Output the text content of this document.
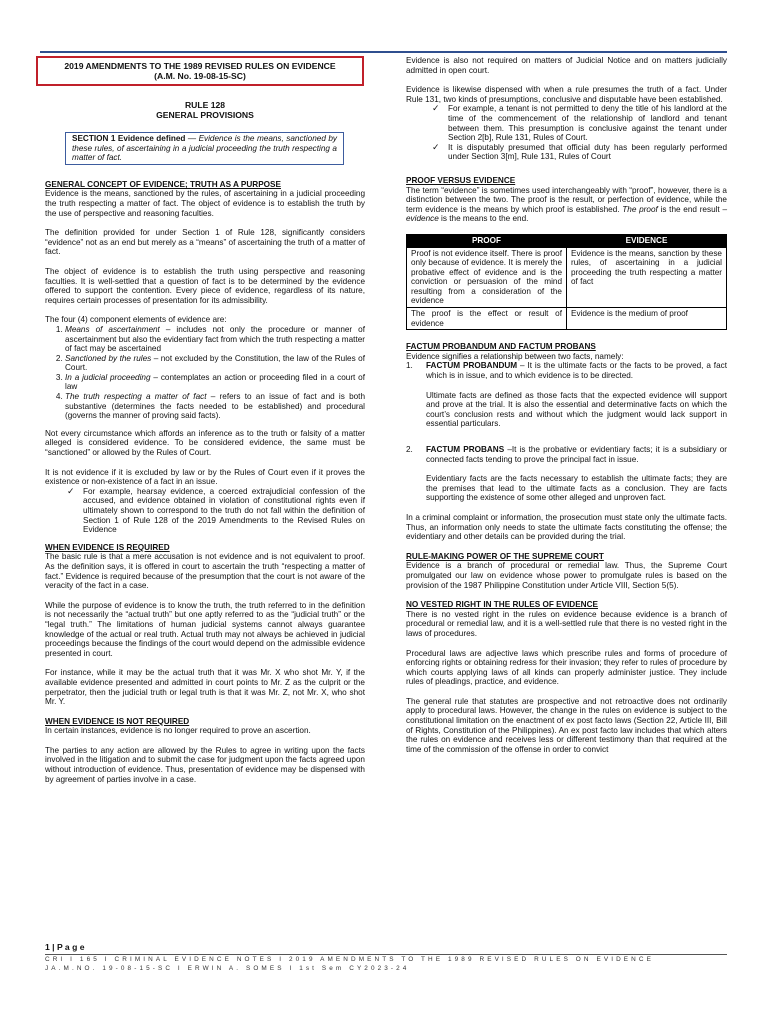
2019 AMENDMENTS TO THE 1989 REVISED RULES ON EVIDENCE
(A.M. No. 19-08-15-SC)
RULE 128
GENERAL PROVISIONS
SECTION 1 Evidence defined — Evidence is the means, sanctioned by these rules, of ascertaining in a judicial proceeding the truth respecting a matter of fact.

GENERAL CONCEPT OF EVIDENCE; TRUTH AS A PURPOSE

Evidence is the means, sanctioned by the rules, of ascertaining in a judicial proceeding the truth respecting a matter of fact. The object of evidence is to establish the truth by the use of perspective and reasoning faculties.

The definition provided for under Section 1 of Rule 128, significantly considers “evidence” not as an end but merely as a “means” of ascertaining the truth of a matter of fact.

The object of evidence is to establish the truth using perspective and reasoning faculties. It is well-settled that a question of fact is to be determined by the evidence offered to support the contention. Every piece of evidence, regardless of its nature, requires certain processes of presentation for its admissibility.

The four (4) component elements of evidence are:

1. Means of ascertainment – includes not only the procedure or manner of ascertainment but also the evidentiary fact from which the truth respecting a matter of fact may be ascertained
2. Sanctioned by the rules – not excluded by the Constitution, the law of the Rules of Court.
3. In a judicial proceeding – contemplates an action or proceeding filed in a court of law
4. The truth respecting a matter of fact – refers to an issue of fact and is both substantive (determines the facts needed to be established) and procedural (governs the manner of proving said facts).

Not every circumstance which affords an inference as to the truth or falsity of a matter alleged is considered evidence. To be considered evidence, the same must be “sanctioned” or allowed by the Rules of Court.

It is not evidence if it is excluded by law or by the Rules of Court even if it proves the existence or non-existence of a fact in an issue.

✓ For example, hearsay evidence, a coerced extrajudicial confession of the accused, and evidence obtained in violation of constitutional rights even if ultimately shown to correspond to the truth do not fall within the definition of Section 1 of Rule 128 of the 2019 Amendments to the Revised Rules on Evidence

WHEN EVIDENCE IS REQUIRED

The basic rule is that a mere accusation is not evidence and is not equivalent to proof. As the definition says, it is offered in court to ascertain the truth “respecting a matter of fact.” Evidence is required because of the presumption that the court is not aware of the veracity of the fact in a case.

While the purpose of evidence is to know the truth, the truth referred to in the definition is not necessarily the “actual truth” but one aptly referred to as the “judicial truth” or the “legal truth.” The limitations of human judicial systems cannot always guarantee knowledge of the actual or real truth. Actual truth may not always be achieved in judicial proceedings because the findings of the court would depend on the admissible evidence presented in court.

For instance, while it may be the actual truth that it was Mr. X who shot Mr. Y, if the available evidence presented and admitted in court points to Mr. Z as the culprit or the perpetrator, then the judicial truth or legal truth is that it was Mr. Z, not Mr. X, who shot Mr. Y.

WHEN EVIDENCE IS NOT REQUIRED

In certain instances, evidence is no longer required to prove an ascertion.

The parties to any action are allowed by the Rules to agree in writing upon the facts involved in the litigation and to submit the case for judgment upon the facts agreed upon without introduction of evidence. Thus, presentation of evidence may be dispensed with by agreement of parties involve in a case.

Evidence is also not required on matters of Judicial Notice and on matters judicially admitted in open court.

Evidence is likewise dispensed with when a rule presumes the truth of a fact. Under Rule 131, two kinds of presumptions, conclusive and disputable have been established.

✓ For example, a tenant is not permitted to deny the title of his landlord at the time of the commencement of the relationship of landlord and tenant between them. This presumption is conclusive against the tenant under Section 2[b], Rule 131, Rules of Court.
✓ It is disputably presumed that official duty has been regularly performed under Section 3[m], Rule 131, Rules of Court

PROOF VERSUS EVIDENCE

The term “evidence” is sometimes used interchangeably with “proof”, however, there is a distinction between the two. The proof is the result, or perfection of evidence, while the term evidence is the means by which proof is established. The proof is the end result – evidence is the means to the end.

PROOF	EVIDENCE
Proof is not evidence itself. There is proof only because of evidence. It is merely the probative effect of evidence and is the conviction or persuasion of the mind resulting from a consideration of the evidence	Evidence is the means, sanction by these rules, of ascertaining in a judicial proceeding the truth respecting a matter of fact
The proof is the effect or result of evidence	Evidence is the medium of proof

FACTUM PROBANDUM AND FACTUM PROBANS

Evidence signifies a relationship between two facts, namely:

1.	FACTUM PROBANDUM – It is the ultimate facts or the facts to be proved, a fact which is in issue, and to which evidence is to be directed.

Ultimate facts are defined as those facts that the expected evidence will support and prove at the trial. It is also the essential and determinative facts on which the court’s conclusion rests and without which the judgment would lack support in essential particulars.

2.	FACTUM PROBANS –It is the probative or evidentiary facts; it is a subsidiary or connected facts tending to prove the principal fact in issue.

Evidentiary facts are the facts necessary to establish the ultimate facts; they are the premises that lead to the ultimate facts as a conclusion. They are facts supporting the existence of some other alleged and unproven fact.

In a criminal complaint or information, the prosecution must state only the ultimate facts. Thus, an information only needs to state the ultimate facts constituting the offense; the evidentiary and other details can be provided during the trial.

RULE-MAKING POWER OF THE SUPREME COURT

Evidence is a branch of procedural or remedial law. Thus, the Supreme Court promulgated our law on evidence whose power to promulgate rules is based on the provision of the 1987 Philippine Constitution under Article VIII, Section 5(5).

NO VESTED RIGHT IN THE RULES OF EVIDENCE

There is no vested right in the rules on evidence because evidence is a branch of procedural or remedial law, and it is a well-settled rule that there is no vested right in the laws of procedures.

Procedural laws are adjective laws which prescribe rules and forms of procedure of enforcing rights or obtaining redress for their invasion; they refer to rules of procedure by which courts applying laws of all kinds can properly administer justice. They include rules of pleadings, practice, and evidence.

The general rule that statutes are prospective and not retroactive does not ordinarily apply to procedural laws. However, the change in the rules on evidence is subject to the constitutional limitation on the enactment of ex post facto laws (Section 22, Article III, Bill of Rights, Constitution of the Philippines). An ex post facto law includes that which alters the rules on evidence and receives less or different testimony than that required at the time of the commission of the offense in order to convict

1 | P a g e
CRI I 165 I CRIMINAL EVIDENCE NOTES I 2019 AMENDMENTS TO THE 1989 REVISED RULES ON EVIDENCE
JA.M.NO. 19-08-15-SC I ERWIN A. SOMES I 1st Sem CY2023-24
